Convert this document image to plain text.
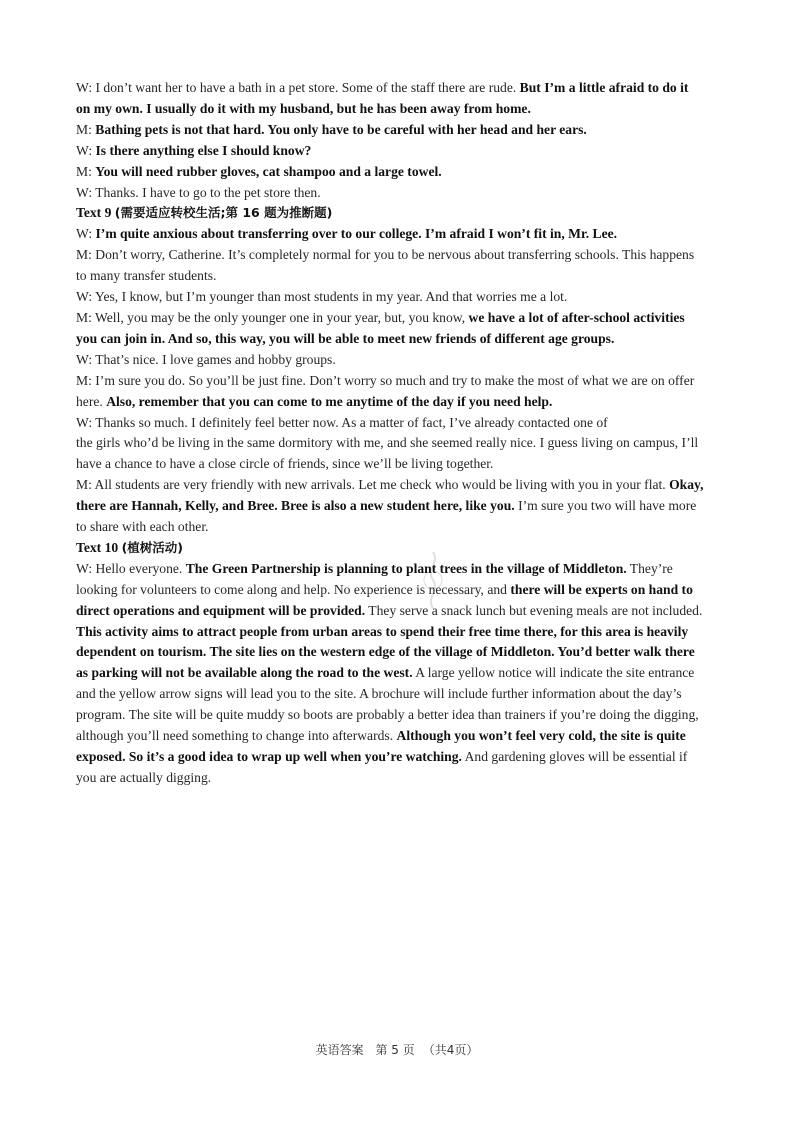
W: I don’t want her to have a bath in a pet store. Some of the staff there are rude. But I’m a little afraid to do it

on my own. I usually do it with my husband, but he has been away from home.

M: Bathing pets is not that hard. You only have to be careful with her head and her ears.

W: Is there anything else I should know?

M: You will need rubber gloves, cat shampoo and a large towel.

W: Thanks. I have to go to the pet store then.

Text 9 (需要适应转校生活;第 16 题为推断题)

W: I’m quite anxious about transferring over to our college. I’m afraid I won’t fit in, Mr. Lee.

M: Don’t worry, Catherine. It’s completely normal for you to be nervous about transferring schools. This happens

to many transfer students.

W: Yes, I know, but I’m younger than most students in my year. And that worries me a lot.

M: Well, you may be the only younger one in your year, but, you know, we have a lot of after-school activities

you can join in. And so, this way, you will be able to meet new friends of different age groups.

W: That’s nice. I love games and hobby groups.

M: I’m sure you do. So you’ll be just fine. Don’t worry so much and try to make the most of what we are on offer

here. Also, remember that you can come to me anytime of the day if you need help.

W: Thanks so much. I definitely feel better now. As a matter of fact, I’ve already contacted one of

the girls who’d be living in the same dormitory with me, and she seemed really nice. I guess living on campus, I’ll

have a chance to have a close circle of friends, since we’ll be living together.

M: All students are very friendly with new arrivals. Let me check who would be living with you in your flat. Okay,

there are Hannah, Kelly, and Bree. Bree is also a new student here, like you. I’m sure you two will have more

to share with each other.

Text 10 (植树活动)

W: Hello everyone. The Green Partnership is planning to plant trees in the village of Middleton. They’re

looking for volunteers to come along and help. No experience is necessary, and there will be experts on hand to

direct operations and equipment will be provided. They serve a snack lunch but evening meals are not included.

This activity aims to attract people from urban areas to spend their free time there, for this area is heavily

dependent on tourism. The site lies on the western edge of the village of Middleton. You’d better walk there

as parking will not be available along the road to the west. A large yellow notice will indicate the site entrance

and the yellow arrow signs will lead you to the site. A brochure will include further information about the day’s

program. The site will be quite muddy so boots are probably a better idea than trainers if you’re doing the digging,

although you’ll need something to change into afterwards. Although you won’t feel very cold, the site is quite

exposed. So it’s a good idea to wrap up well when you’re watching. And gardening gloves will be essential if

you are actually digging.

英语答案 第 5 页 （共4页）
